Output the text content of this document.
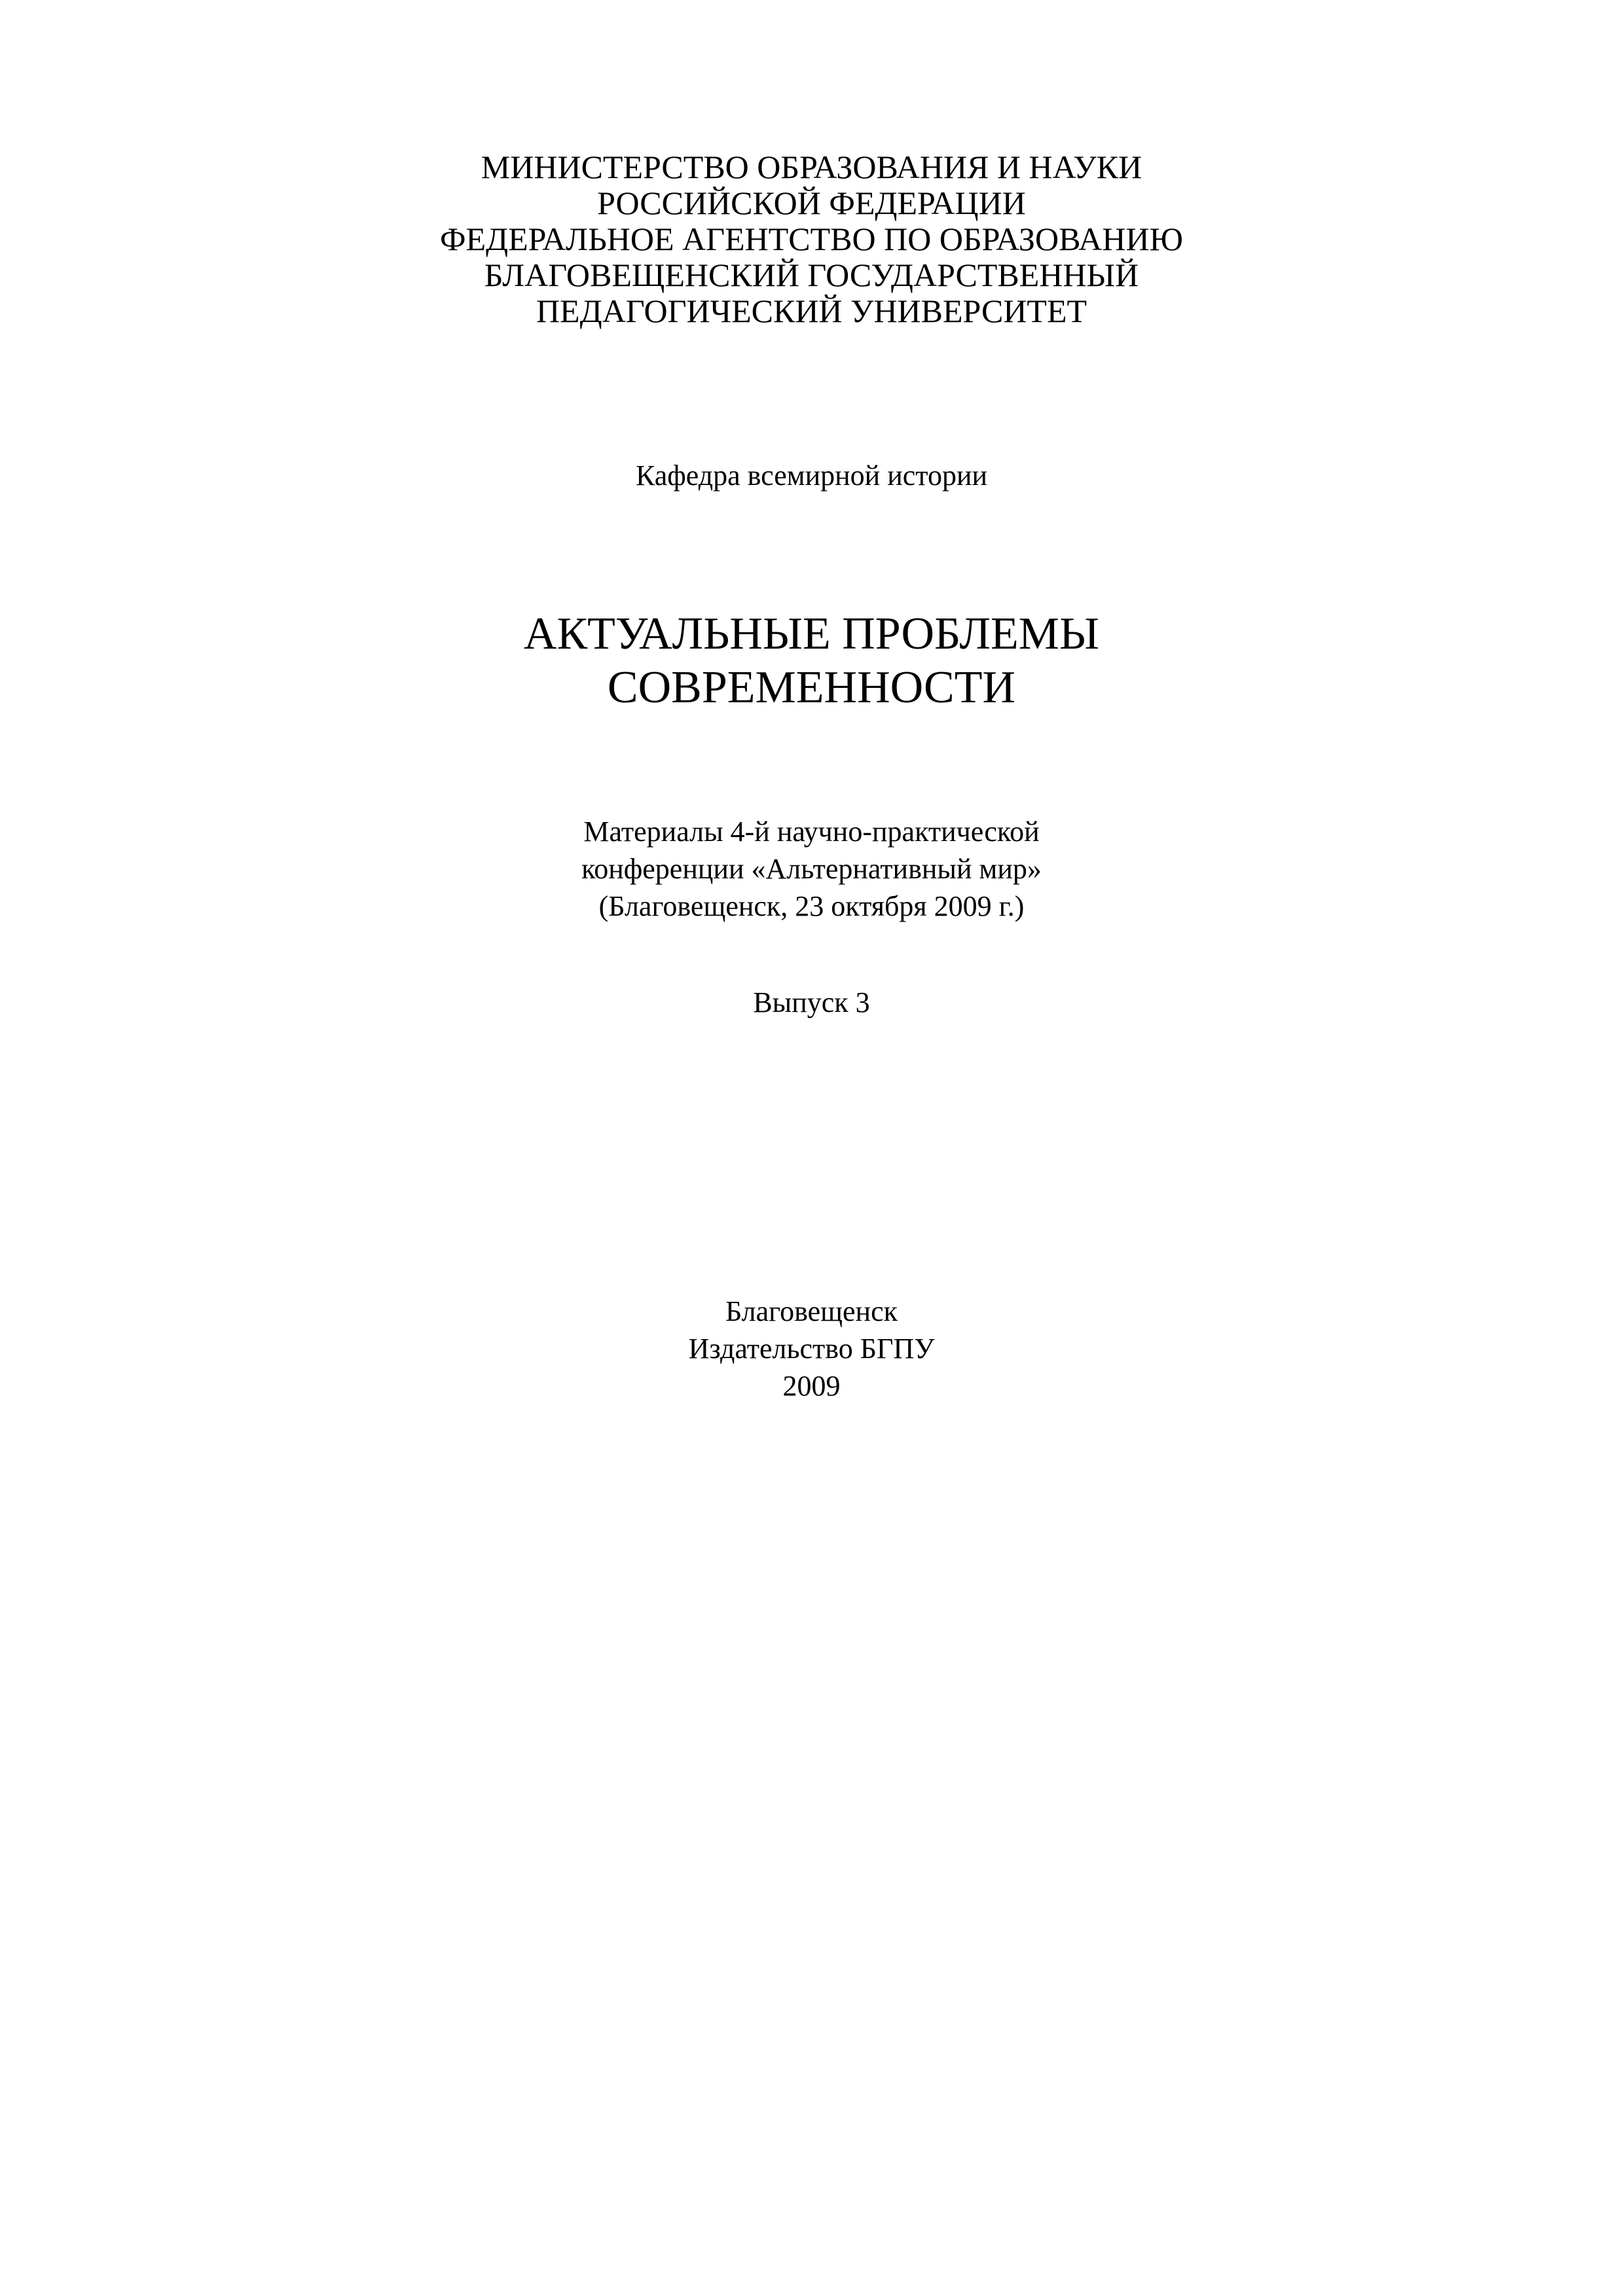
МИНИСТЕРСТВО ОБРАЗОВАНИЯ И НАУКИ
РОССИЙСКОЙ ФЕДЕРАЦИИ
ФЕДЕРАЛЬНОЕ АГЕНТСТВО ПО ОБРАЗОВАНИЮ
БЛАГОВЕЩЕНСКИЙ ГОСУДАРСТВЕННЫЙ
ПЕДАГОГИЧЕСКИЙ УНИВЕРСИТЕТ
Кафедра всемирной истории
АКТУАЛЬНЫЕ ПРОБЛЕМЫ
СОВРЕМЕННОСТИ
Материалы 4-й научно-практической
конференции «Альтернативный мир»
(Благовещенск, 23 октября 2009 г.)
Выпуск 3
Благовещенск
Издательство БГПУ
2009
